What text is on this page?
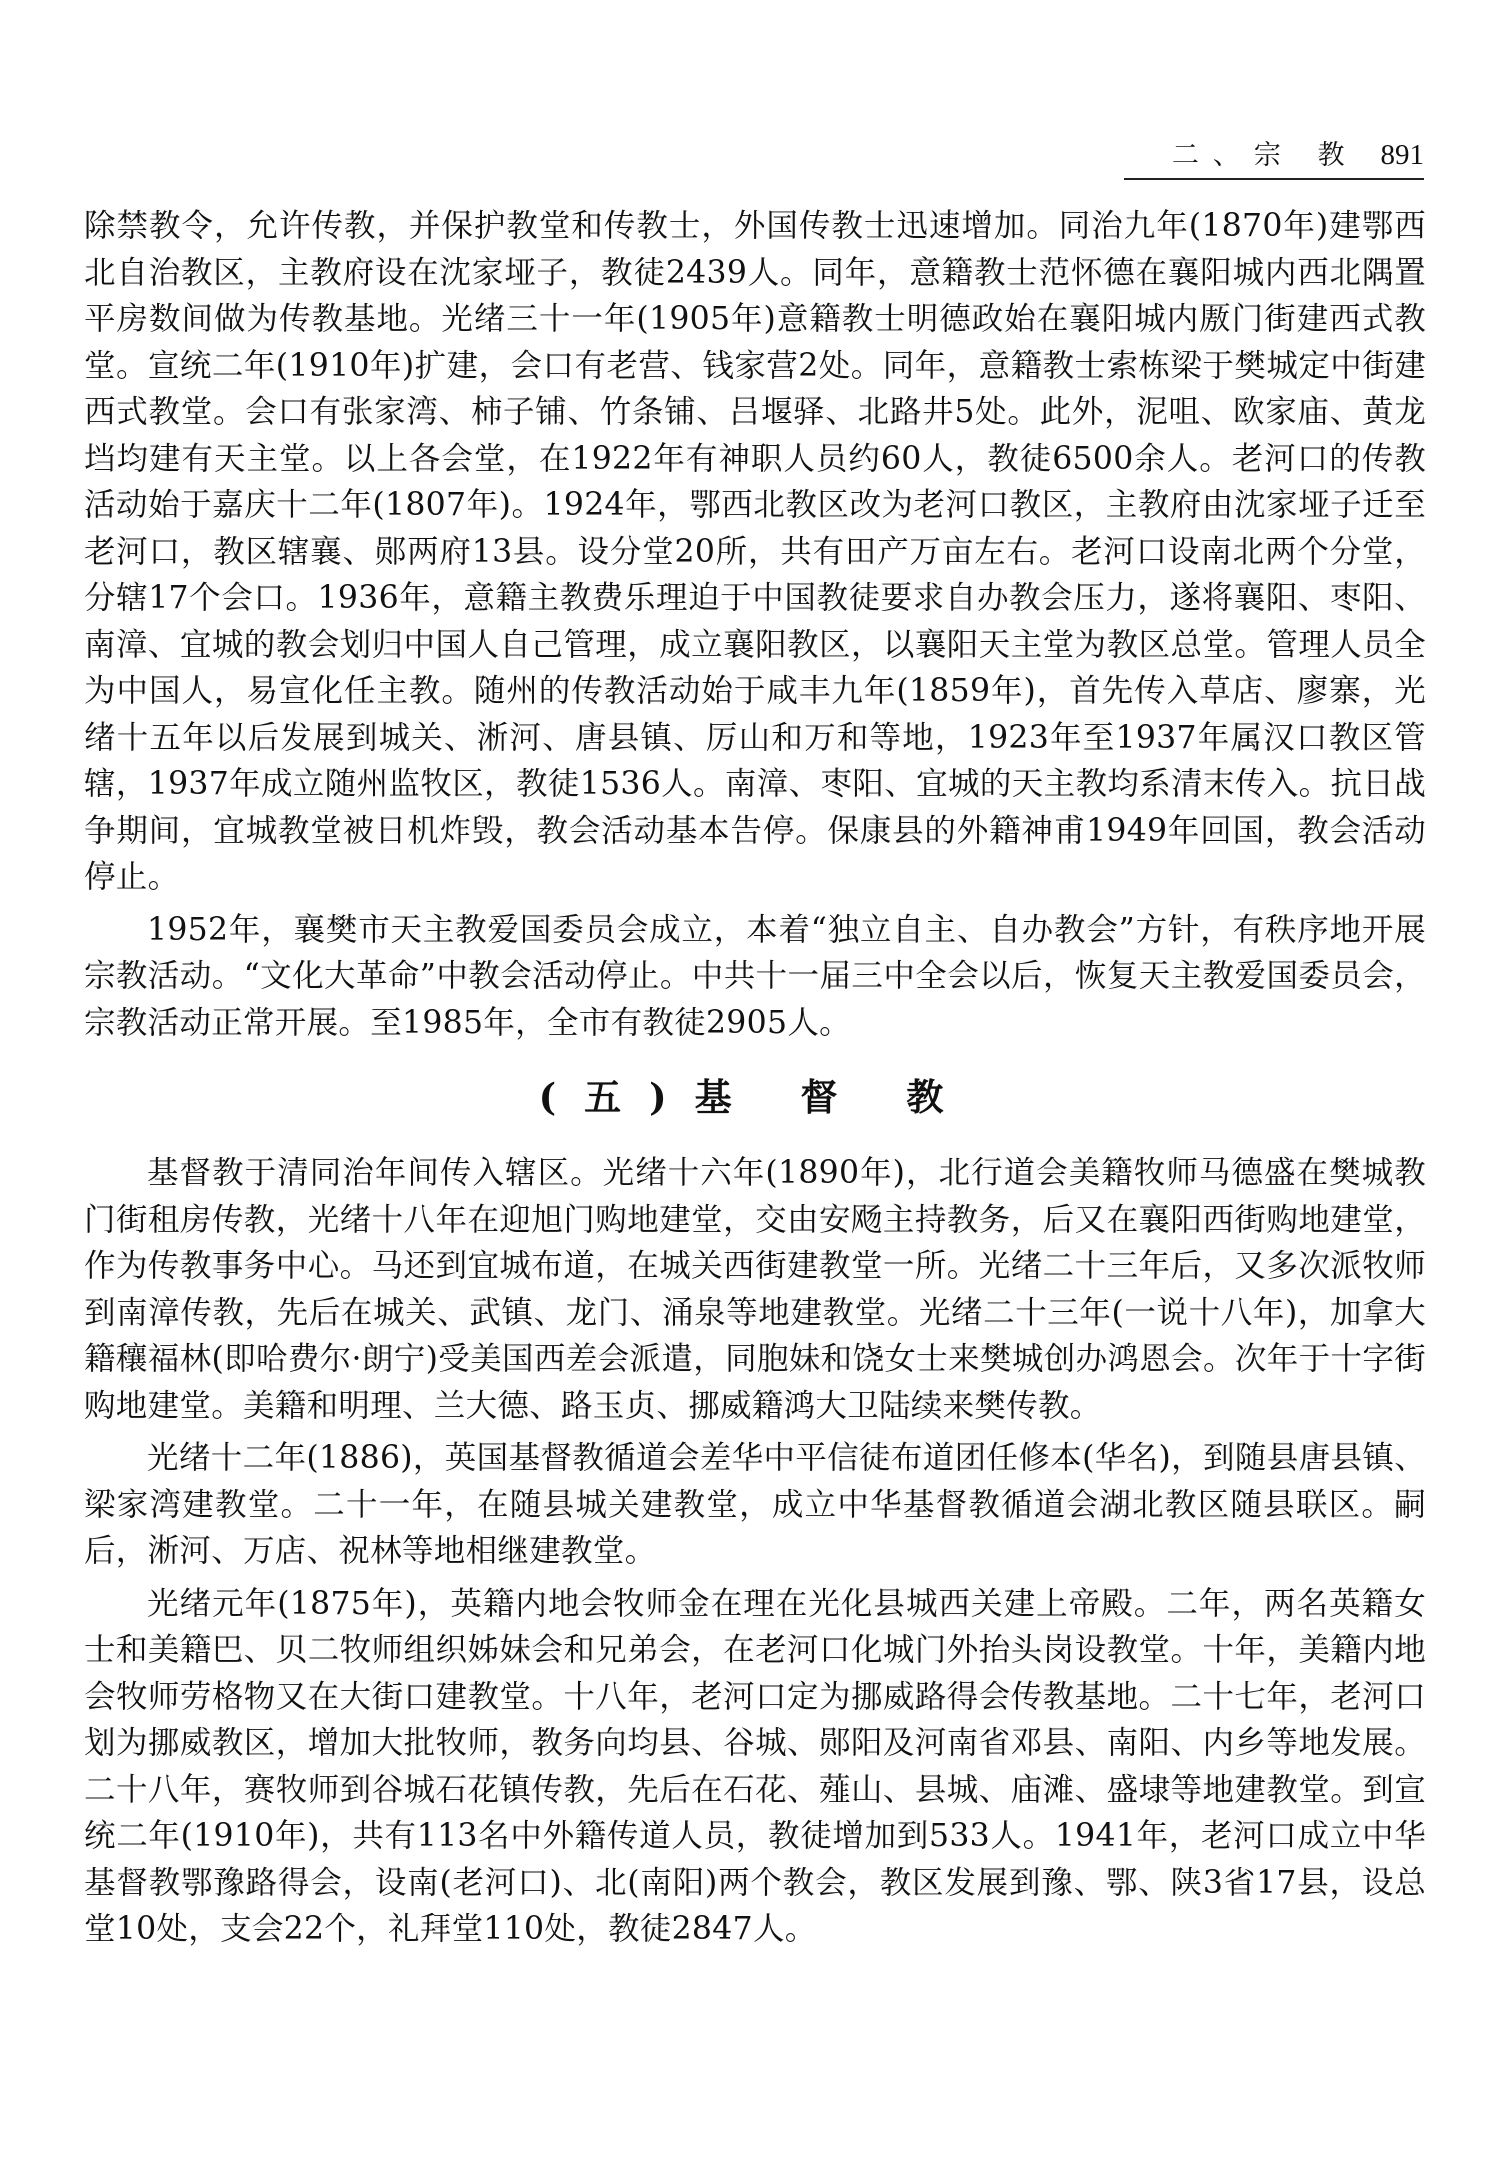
二、宗 教 891

除禁教令，允许传教，并保护教堂和传教士，外国传教士迅速增加。同治九年(1870年)建鄂西北自治教区，主教府设在沈家垭子，教徒2439人。同年，意籍教士范怀德在襄阳城内西北隅置平房数间做为传教基地。光绪三十一年(1905年)意籍教士明德政始在襄阳城内厫门街建西式教堂。宣统二年(1910年)扩建，会口有老营、钱家营2处。同年，意籍教士索栋梁于樊城定中街建西式教堂。会口有张家湾、柿子铺、竹条铺、吕堰驿、北路井5处。此外，泥咀、欧家庙、黄龙垱均建有天主堂。以上各会堂，在1922年有神职人员约60人，教徒6500余人。老河口的传教活动始于嘉庆十二年(1807年)。1924年，鄂西北教区改为老河口教区，主教府由沈家垭子迁至老河口，教区辖襄、郧两府13县。设分堂20所，共有田产万亩左右。老河口设南北两个分堂，分辖17个会口。1936年，意籍主教费乐理迫于中国教徒要求自办教会压力，遂将襄阳、枣阳、南漳、宜城的教会划归中国人自己管理，成立襄阳教区，以襄阳天主堂为教区总堂。管理人员全为中国人，易宣化任主教。随州的传教活动始于咸丰九年(1859年)，首先传入草店、廖寨，光绪十五年以后发展到城关、淅河、唐县镇、厉山和万和等地，1923年至1937年属汉口教区管辖，1937年成立随州监牧区，教徒1536人。南漳、枣阳、宜城的天主教均系清末传入。抗日战争期间，宜城教堂被日机炸毁，教会活动基本告停。保康县的外籍神甫1949年回国，教会活动停止。

1952年，襄樊市天主教爱国委员会成立，本着“独立自主、自办教会”方针，有秩序地开展宗教活动。“文化大革命”中教会活动停止。中共十一届三中全会以后，恢复天主教爱国委员会，宗教活动正常开展。至1985年，全市有教徒2905人。

(五)基 督 教

基督教于清同治年间传入辖区。光绪十六年(1890年)，北行道会美籍牧师马德盛在樊城教门街租房传教，光绪十八年在迎旭门购地建堂，交由安飏主持教务，后又在襄阳西街购地建堂，作为传教事务中心。马还到宜城布道，在城关西街建教堂一所。光绪二十三年后，又多次派牧师到南漳传教，先后在城关、武镇、龙门、涌泉等地建教堂。光绪二十三年(一说十八年)，加拿大籍穰福林(即哈费尔·朗宁)受美国西差会派遣，同胞妹和饶女士来樊城创办鸿恩会。次年于十字街购地建堂。美籍和明理、兰大德、路玉贞、挪威籍鸿大卫陆续来樊传教。

光绪十二年(1886)，英国基督教循道会差华中平信徒布道团任修本(华名)，到随县唐县镇、梁家湾建教堂。二十一年，在随县城关建教堂，成立中华基督教循道会湖北教区随县联区。嗣后，淅河、万店、祝林等地相继建教堂。

光绪元年(1875年)，英籍内地会牧师金在理在光化县城西关建上帝殿。二年，两名英籍女士和美籍巴、贝二牧师组织姊妹会和兄弟会，在老河口化城门外抬头岗设教堂。十年，美籍内地会牧师劳格物又在大街口建教堂。十八年，老河口定为挪威路得会传教基地。二十七年，老河口划为挪威教区，增加大批牧师，教务向均县、谷城、郧阳及河南省邓县、南阳、内乡等地发展。二十八年，赛牧师到谷城石花镇传教，先后在石花、薤山、县城、庙滩、盛埭等地建教堂。到宣统二年(1910年)，共有113名中外籍传道人员，教徒增加到533人。1941年，老河口成立中华基督教鄂豫路得会，设南(老河口)、北(南阳)两个教会，教区发展到豫、鄂、陕3省17县，设总堂10处，支会22个，礼拜堂110处，教徒2847人。
